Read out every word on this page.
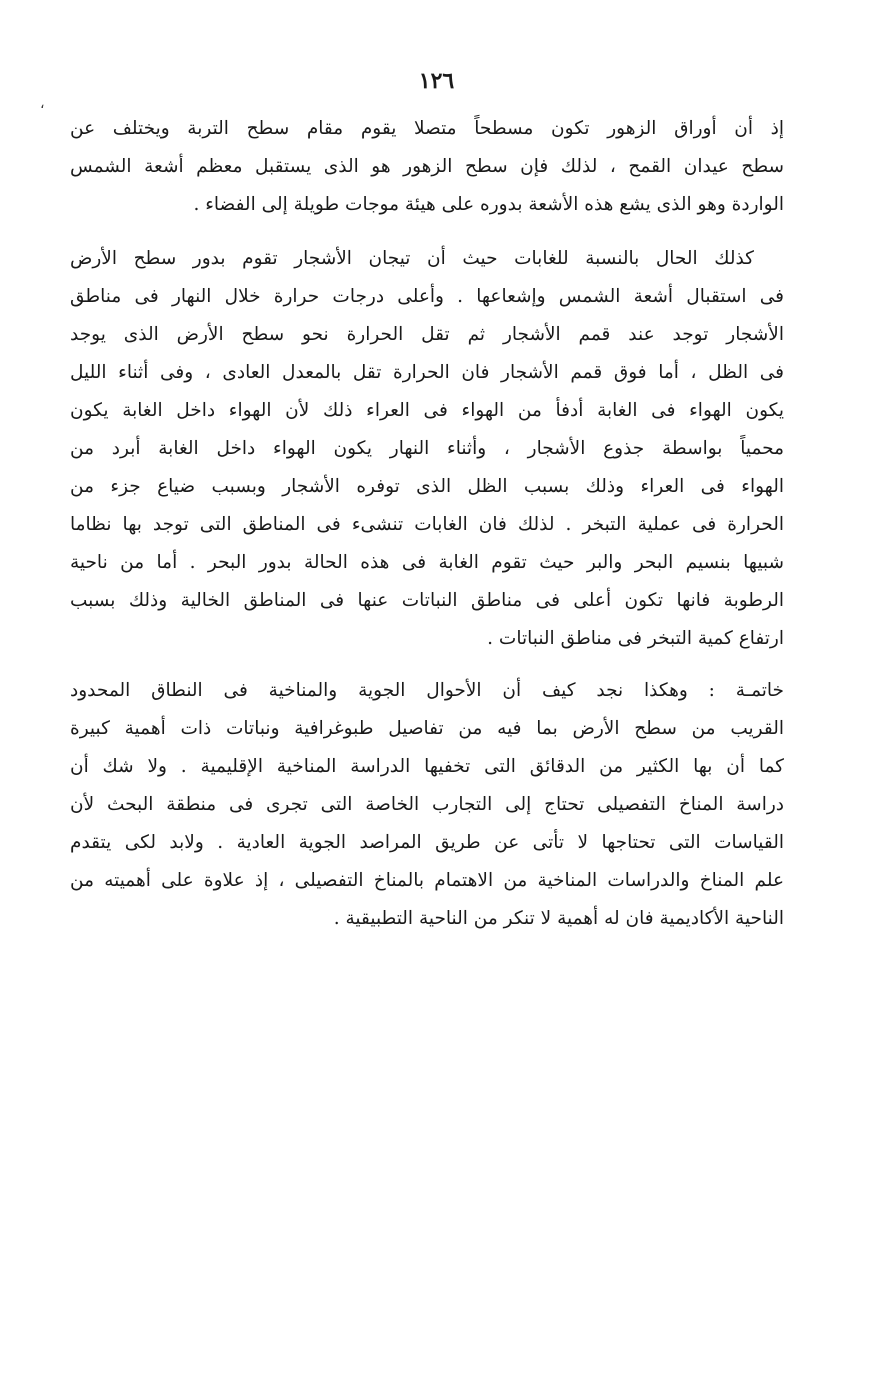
١٢٦
،
إذ أن أوراق الزهور تكون مسطحاً متصلا يقوم مقام سطح التربة ويختلف عن
سطح عيدان القمح ، لذلك فإن سطح الزهور هو الذى يستقبل معظم أشعة الشمس
الواردة وهو الذى يشع هذه الأشعة بدوره على هيئة موجات طويلة إلى الفضاء .
كذلك الحال بالنسبة للغابات حيث أن تيجان الأشجار تقوم بدور سطح الأرض
فى استقبال أشعة الشمس وإشعاعها . وأعلى درجات حرارة خلال النهار فى مناطق
الأشجار توجد عند قمم الأشجار ثم تقل الحرارة نحو سطح الأرض الذى يوجد
فى الظل ، أما فوق قمم الأشجار فان الحرارة تقل بالمعدل العادى ، وفى أثناء الليل
يكون الهواء فى الغابة أدفأ من الهواء فى العراء ذلك لأن الهواء داخل الغابة يكون
محمياً بواسطة جذوع الأشجار ، وأثناء النهار يكون الهواء داخل الغابة أبرد من
الهواء فى العراء وذلك بسبب الظل الذى توفره الأشجار وبسبب ضياع جزء من
الحرارة فى عملية التبخر . لذلك فان الغابات تنشىء فى المناطق التى توجد بها نظاما
شبيها بنسيم البحر والبر حيث تقوم الغابة فى هذه الحالة بدور البحر . أما من ناحية
الرطوبة فانها تكون أعلى فى مناطق النباتات عنها فى المناطق الخالية وذلك بسبب
ارتفاع كمية التبخر فى مناطق النباتات .
خاتمـة : وهكذا نجد كيف أن الأحوال الجوية والمناخية فى النطاق المحدود
القريب من سطح الأرض بما فيه من تفاصيل طبوغرافية ونباتات ذات أهمية كبيرة
كما أن بها الكثير من الدقائق التى تخفيها الدراسة المناخية الإقليمية . ولا شك أن
دراسة المناخ التفصيلى تحتاج إلى التجارب الخاصة التى تجرى فى منطقة البحث لأن
القياسات التى تحتاجها لا تأتى عن طريق المراصد الجوية العادية . ولابد لكى يتقدم
علم المناخ والدراسات المناخية من الاهتمام بالمناخ التفصيلى ، إذ علاوة على أهميته من
الناحية الأكاديمية فان له أهمية لا تنكر من الناحية التطبيقية .
